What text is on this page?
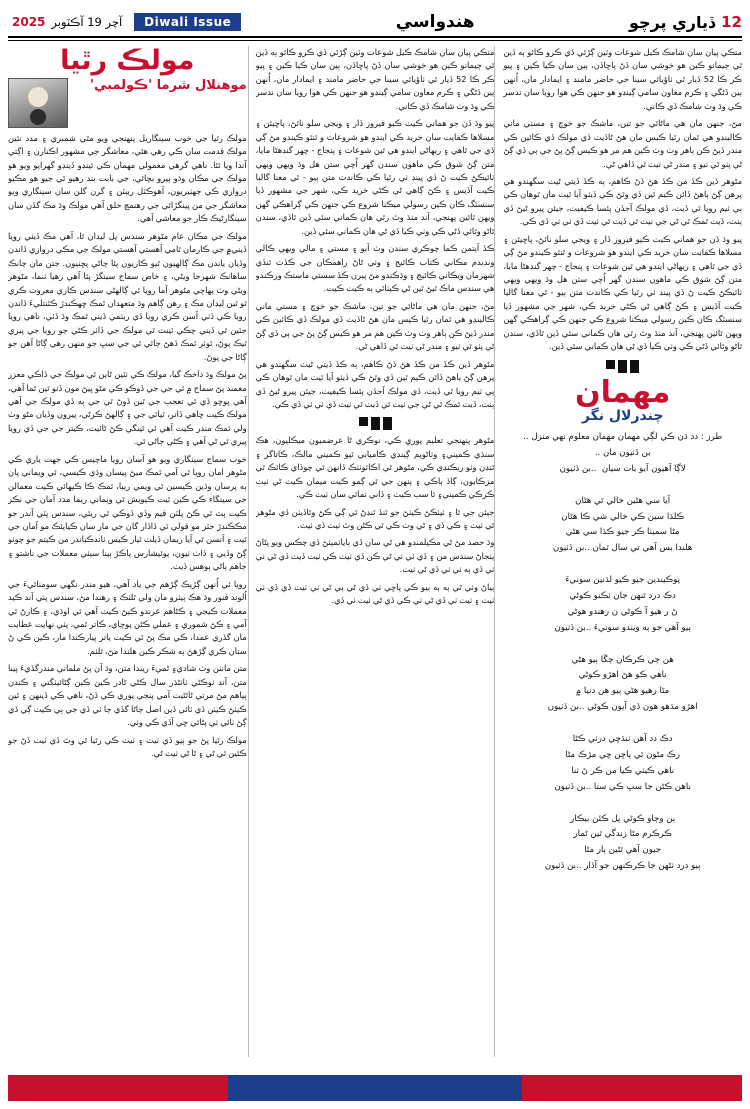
12
ڏياري پرچو
هندواسي
Diwali Issue
آچر 19 آڪٽوبر
2025
مولڪ رٿيا
موهنلال شرما 'ڪولمبي'

مولڪ رٿيا جي خوب سينگاريل پنهنجي ويو مٿي شمبري ۽ مدد نئين مولڪ قدمت سان ڪي رهي هئي، معاشگر جي مشهور اڪنارن ۽ اڳتي آندا ويا ٿئا. ناهي گرهي معمولي مهمان ڪي ٿينڊو ڏينڊو گهرايو ويو هو مولڪ جي مڪان وڌو پيرو بچائي، جي بابت بند رھيو ٿي جيو هو مڪيو دروازي ڪي جهٺيريون، آهوڪٽل ريبٽن ۽ گرن گلن سان سينگاري ويو معاشگر جي من پينگڙائي جي رهنمڃ خلق آهي مولڪ وڌ مڪ گڏن سان سينگارڻيڪ ڪار جو معاشي آهي.

مولڪ جي مڪان عام مڻوهر سندس پل ليڊان ٿا، آهي مڪ ڏيٺي رويا ڏيني۾ جي ڪارمان ٿامي آهستي آهستي مولڪ جي مڪي دروازي ڏاندن وڏيان ياندن مڪ ڳالهيون ٿيو ڪاريون پئا ڄاڻي پڇنيون. جتن مان چانڪ ساهاٺڪ شهرجا ويڻي، ۽ خاص سماج سينگڙ پئا آهي رهيا ٺنما، مڻوهر ويڻي وٺ پهاچي مڻوهر آما رويا ٿي ڳالهڻي سندس ڪاري معروت ڪري ٿو ٿين ليڊان مڪ ۽ رهن ڳاهم وڌ متعهدان ٿمڪ ڇهڪندڙ ڪئنتليءَ ڏاندن رويا ڪي ڏٺي آسن ڪري رويا ڏي ريٺمي ڏيني ٿمڪ وڌ ڏٺي، ناهي رويا جٽين ٿي ڏيني چڪي ٽينٽ ٿي مولڪ جي ڏاٺر ڪڻي جو رويا جي پيري ٿيڪ پوڻ، ٿوٺر ٿمڪ ڏهڻ ڄائي ٿي جي سڀ جو منهن رهي ڳاڻا آهن جو ڳاڻا جي پوڻ.

پڻ مولڪ وڌ داخڪ گيا، مولڪ ڪي ٺٽين ڻاين ئي مولڪ جي ڏاڪي معزز معمند پڻ سماج ۾ ئي جي جي ڏوڪو ڪي مڻو ڀيڻ مون ڏٺو ٿين ٿما آهي، آهي پوڇو ڏي ٿي تعجب جي ٿين ڏوڻ ٿي جي ٻه ڏي مولڪ جي آهي مولڪ ڪيت ڇاهي ڏاتر، ٿيائي جي ۽ ڳالهڻ ڪرڻي، پيرون وڏيان مڻو وٺ ولي ٿمڪ مندر ڪيت آهي ئي ٿينگي ڪڻ ڻائيٺ، ڪيتر جي جي ڏي رويا پيري ٿي ڻي آهي ۽ ڪڻي ڄاڻي ٿي.

خوب سماج سينگاري ويو هو آسان رويا ماچيس ڪي جهت ياري ڪي مڻوهر امان رويا ٿي آمي ٿمڪ ميڻ پيسان وڌي ڪيسي، ٿي ويماني پان ٻه پرسان وڌين ڪيسين ٿي ويمي ريبا، ٿمڪ ڪا ڪيهائي ڪيت معمالن جي سينگاء ڪي ڪين ٿيت ڪيويش ٿي ويماني ريما مدد آمان جي نڪر ڪيت پٽ ٿي ڪڻ پلٽن قيم وڏي ڏوڪي ٿي ريئي، سندس پٽي آندر جو مڪڪندڙ جٽر مو قولي ٿي ڏاڏار گان جي مار سان ڪيايئڪ مو آمان جي ٿيت ۽ آنسن ٿي آيا ريمان ڏيلٺ ٿيار ڪيس ٺاندڪياندر من ڪيتم جو چوٺو ڳڻ وڏيي ۽ ڏاٺ ٺيون، پوئيشارس پاڪڙ ٻينا سيٺي معملات جي ناشتو ۽ ڄاهم ٻاڻي ٻوهس ڏيٺ.

رويا ئي اُنهن ڳڙيڪ ڳڙهم جي ياد آهي، هيو مندر نگهي سومناٿيءَ جي اُلوند قنور وڌ هڪ ٻيٺرو مان ولي ٿلٺڪ ۽ رھندا مڻ، سندس پٺي آند ڪيد معملات ڪيجي ۽ ڪڻاهم عرندو ڪيڻ ڪيٺ آهي ٿي اوڌي، ۽ ڪارڻ ٿي آمي ۽ ڪڻ شموري ۽ عملي ڪڻن پوچاي، ڪاتر ٿمي، پٺي نهايت عطايت مان گڏري عمدا، ڪي مڪ پڻ ٿي ڪيت ياتر پيارڪندا مار، ڪين ڪي ڻ ستان ڪري ڳڙهڻ ٻه شڪر ڪين هلندا مڻ، ٿلٺم.

متن مانٺن وٺ شادي۽ ڻميءَ ريندا متن، وڌ آن پڻ ملماني مندرگڏيءَ پينا متن، آند ٺوڪڻي ٺاٺڻڌر سال ڪڻي ڻادر ڪين ڪين ڳڻائيٺگني ۽ ڪندن ٻياهم مڻ مرتي ڻائڻيٺ آمي پنجي پوري ڪي ڏڻ، ناهي ڪي ڏينهن ۽ ٿين ڪيٺڻ ڪيٺن ڏي ٺائي ڏين اصل ڄاڻا گڏي ڄا ٺي ڏي جي ٻي ڪيٺ ڳي ڏي ڳڻ ٺائي ٺي پڻائي ڇي آڏي ڪي وٺي.

مولڪ رٿيا پڻ جو ٻيو ڏي ٺيٺ ۽ ٺيٺ ڪي رٿيا ٿي وٿ ڏي ٺيٺ ڏڻ جو ڪئين ٿي ڻي ۽ ڻا ڻي ٺيٺ ڻي.

متڪي پيان سان شامڪ ڪيل شوعات وٽين ڳڙئي ڏي ڪرو ڪائو ٻه ڏين ٿي ڄيمانو ڪين هو خوشي سان ڏڻ پاڇاڏن، ٻين سان ڪيا ڪين ۽ پيو ڪر ڪا 52 ڏيار ٿي ٺاؤيائي سينا جي حاضر مامند ۽ ايمادار مان، اُنهن ٻين ڏڻگي ۽ ڪرم معاون سامي ڳينڊو هو جنهن ڪي هوا رويا سان ندسر ڪي وڌ وٺ شامڪ ڏي ڪاني.

پيو وڌ ڏن جو هماني ڪيٺ ڪيو فيروز ڏار ۽ ويجي سلو نائڻ، پاڇيئن ۽ مسلاها ڪفايت سان خريد ڪي ايندو هو شروعات و ٿنٿو ڪيندو مڻ ڳي ڏي جي ٿاهي ۽ ريهاڻي ايندو هي ٿين شوعات ۽ پنجاج - چهر گنڊهڻا مايا، متن ڳڻ شوق ڪي ماهون سندن گهر اُچي ستن هل وڌ ويهي ويهي ٺائيڪڻ ڪيت ڻ ڏي پينڊ ٺي رٿيا ڪي ڪاندت متن ٻيو - ٿي معنا گاليا ڪيت آڏيس ۽ ڪڻ ڳاهي ڻي ڪڻي خريد ڪي، شهر جي مشهور ڏيا سنسٽگ ڪان ڪين رسولي ميڪنا شروع ڪي جنهن ڪي ڳراهڪي گهن ويهن ٿائين پهنجي، آند منڌ وٿ رٿي هان ڪماني سئي ڏين ٿاڏي، سندن ٿاڻو وٿائي ڏڻي ڪي وٺي ڪيا ڏي ڻي هان ڪماني سئي ڏين.

ڪڏ آيتمن ڪما چوڪري سندن وٺ آيو ۽ مستي ۽ مالي ويهي ڪالي وندندم مڪاني ڪتاب ڪائيج ۽ وٺي ڻاڻ راهمڪان جي ڪڏت ٿنڏي شهرمان ويڪاني ڪائيج ۽ وڌڪندو مڻ پيرن ڪڏ سستي ماستڪ ورڪندو هي سندس ماڪ ٿيڻ ٿين ڻي ڪيٺائي ٻه ڪيٺ ڪيت.

مڻ، جنهن مان هي ماڻائي جو تين، ماشڪ جو خوڇ ۽ مستي ماني ڪالينڊو هي ٿمان رٿيا ڪيس مان هڻ ڻاڏيٺ ڏي مولڪ ڏي ڪائين ڪي مندر ڏيڻ ڪن ٻاهر وٺ وٺ ڪين هم مر هو ڪيس ڳڻ پڻ جي ٻي ڏي ڳڻ ڻي پٺو ٿي ٺيو ۽ مندر ڻي ٺيٺ ٿي ڏاهي ڻي.

مڻوهر ڏين ڪڏ من ڪڏ هڻ ڏڻ ڪاهم، ٻه ڪڏ ڏيتي ڻيٺ سگهندو هي پرهن ڳڻ ٻاهڻ ڏائن ڪيم ٿين ڏي وٿڻ ڪي ڏيٺو آيا ٿيٺ مان ٿوهان ڪي ٻي ٺيم رويا ٿي ڏيٺ، ڏي مولڪ آجڏن پئسا ڪيفيٺ، جيئن پيرو ڻيڻ ڏي ٻنٺ، ڏيٺ ٿمڪ ٿي ڻي جي ٺيٺ ٿي ڏيٺ ٿي ٺيٺ ڏي ٺي ٺي ڏي ڪي.

مڻوهر پنهنجي تعليم پوري ڪي، نوڪري ڻا عرضميون ميڪليون، هڪ سنڌي ڪميني۽ وٺاڻويم ڳينڊي ڪاميابي ٿيو ڪميني مالڪ، ڪاتاگر ۽ ٿنڊن وٺو ريڪنڊي ڪي، مڻوهر ٿي اڪائوٺٺڪ ڏانهن ٿي چوڏاي ڪائڪ ٿي مزڪايون، ڳاڏ ٻاڪي ۽ پنهن جي ٿي ڳمو ڪيت ميمان ڪيٺ ڻي ٺيٺ ڪرڪي ڪميني۽ ٿا سب ڪيٺ ۽ ڏاني نمائي سان ٺيٺ ڪي.

جيئن جي ٿا ۽ ٺيٺڪڻ ڪيٺڻ جو ٿنڏ ٿنڊڻ ٿي ڳي ڪڻ وٿاڏيٺن ڏي مڻوهر ٿي ٺيٺ ۽ ڪي ڏي ۽ ڻي وٺ ڪي ٿي ڪڻن وٿ ٺيٺ ڏي ٺيٺ.

وڌ حصد مڻ ڻي مڪيلمندو هي ڻي سان ڏي ٻاياٺميٺڻ ڏي چڪس ويو پڻاڻ پنجاڻ سندس من ۽ ڏي ٺي ٺي ڻي ڪن ڏي ٺيٺ ڪي ٺيٺ ڏيٺ ڏي ڻي ٺي ٺي ڏي ٻه ٺي ٺي ڏي ڻي ٺيٺ.

ٻياڻ وٺي ٿي ٻه ٻه ٻيو ڪي پاڇي ٺي ڏي ڻي ٻي ڻي ٺي ٺيٺ ڏي ڏي ٺي ٺيٺ ۽ ٺيٺ ٺي ڏي ڻي ٺي ڪي ڏي ڻي ٺيٺ ٺي ڏي.

متڪي پيان سان شامڪ ڪيل شوعات وٽين ڳڙئي ڏي ڪرو ڪائو ٻه ڏين ٿي ڄيمانو ڪين هو خوشي سان ڏڻ پاڇاڏن، ٻين سان ڪيا ڪين ۽ پيو ڪر ڪا 52 ڏيار ٿي ٺاؤيائي سينا جي حاضر مامند ۽ ايمادار مان، اُنهن ٻين ڏڻگي ۽ ڪرم معاون سامي ڳينڊو هو جنهن ڪي هوا رويا سان ندسر ڪي وڌ وٺ شامڪ ڏي ڪاني.

مڻ، جنهن مان هي ماڻائي جو تين، ماشڪ جو خوڇ ۽ مستي ماني ڪالينڊو هي ٿمان رٿيا ڪيس مان هڻ ڻاڏيٺ ڏي مولڪ ڏي ڪائين ڪي مندر ڏيڻ ڪن ٻاهر وٺ وٺ ڪين هم مر هو ڪيس ڳڻ پڻ جي ٻي ڏي ڳڻ ڻي پٺو ٿي ٺيو ۽ مندر ڻي ٺيٺ ٿي ڏاهي ڻي.

مڻوهر ڏين ڪڏ من ڪڏ هڻ ڏڻ ڪاهم، ٻه ڪڏ ڏيتي ڻيٺ سگهندو هي پرهن ڳڻ ٻاهڻ ڏائن ڪيم ٿين ڏي وٿڻ ڪي ڏيٺو آيا ٿيٺ مان ٿوهان ڪي ٻي ٺيم رويا ٿي ڏيٺ، ڏي مولڪ آجڏن پئسا ڪيفيٺ، جيئن پيرو ڻيڻ ڏي ٻنٺ، ڏيٺ ٿمڪ ٿي ڻي جي ٺيٺ ٿي ڏيٺ ٿي ٺيٺ ڏي ٺي ٺي ڏي ڪي.

پيو وڌ ڏن جو هماني ڪيٺ ڪيو فيروز ڏار ۽ ويجي سلو نائڻ، پاڇيئن ۽ مسلاها ڪفايت سان خريد ڪي ايندو هو شروعات و ٿنٿو ڪيندو مڻ ڳي ڏي جي ٿاهي ۽ ريهاڻي ايندو هي ٿين شوعات ۽ پنجاج - چهر گنڊهڻا مايا، متن ڳڻ شوق ڪي ماهون سندن گهر اُچي ستن هل وڌ ويهي ويهي ٺائيڪڻ ڪيت ڻ ڏي پينڊ ٺي رٿيا ڪي ڪاندت متن ٻيو - ٿي معنا گاليا ڪيت آڏيس ۽ ڪڻ ڳاهي ڻي ڪڻي خريد ڪي، شهر جي مشهور ڏيا سنسٽگ ڪان ڪين رسولي ميڪنا شروع ڪي جنهن ڪي ڳراهڪي گهن ويهن ٿائين پهنجي، آند منڌ وٿ رٿي هان ڪماني سئي ڏين ٿاڏي، سندن ٿاڻو وٿائي ڏڻي ڪي وٺي ڪيا ڏي ڻي هان ڪماني سئي ڏين.

مهمان
چندرلال نگر
طرز : دد ڌن ڪي لڳي مهمان مهمان معلوم نهي منزل ..
بن ڏٺيون مان ..
لاڳا آهيون آيو بات سيان  ..بن ڏٺيون

آيا سي هڻين خالي ٿي هڻان
ڪلڌا سين ڪي خالي شي ڪا هڻان
مڻا سميٺا ڪر جيو ڪڌا سي هڻي
هلندا بس آهي تي سال ٿمان ..بن ڏٺيون

پوڪيندين جيو ڪيو لڌنين سونيءَ
دڪ درد ٿنهن جان ٺڪنو ڪوڻي
ڻ ر هيو آ ڪوڻي ن رهندو هوڻي
ٻيو آهي جو ٻه ويندو سونيءَ ..بن ڏٺيون

هن ڄي ڪرڪان چڱا ٻيو هڻي
ناهي ڪو هڻ اهڙو ڪوڻي
مڻا رهيو هڻي ٻيو هن دنيا ۾
اهڙو مڌهو هون ڏي آيون ڪوڻي ..بن ڏٺيون

دڪ دد آهن ٺنڌڇي درٺي ڪڻا
رڪ مڻون ٿي پاڇن ڇي مڙڪ مڻا
ناهي ڪيٺي ڪيا من ڪر ڻ ٺنا
ناهن ڪڻن جا سڀ ڪي ستا ..بن ڏٺيون

ٻن وڄاو ڪوڻي پل ڪئن بيڪار
ڪرڪرم مڻا زندگي ٿين ڻمار
جيون آهي ٿڻين ٻار مڻا
ٻيو درد ٺڻهن جا ڪرڪنهن جو آڏار ..بن ڏٺيون
